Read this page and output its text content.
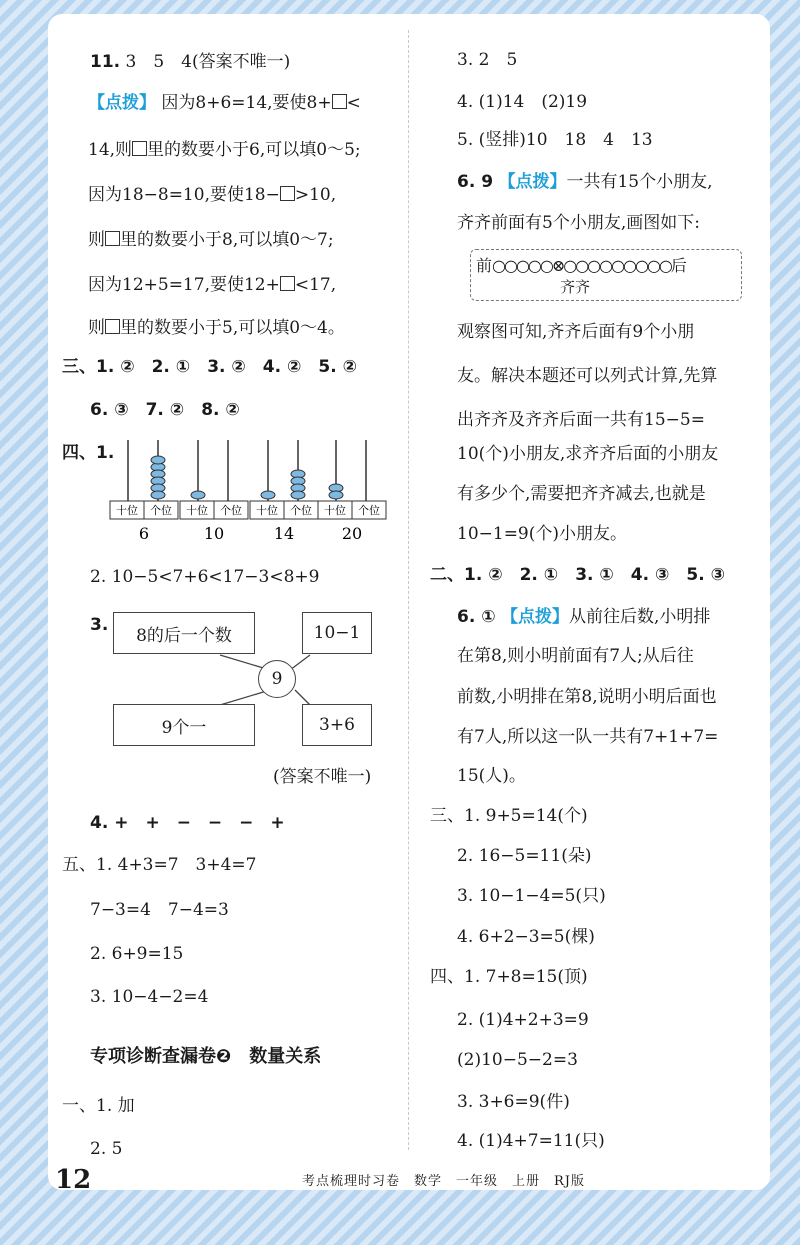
11. 3　5　4(答案不唯一)
【点拨】 因为8+6=14,要使8+ <
14,则 里的数要小于6,可以填0～5;
因为18−8=10,要使18− >10,
则 里的数要小于8,可以填0～7;
因为12+5=17,要使12+ <17,
则 里的数要小于5,可以填0～4。
三、1. ②　2. ①　3. ②　4. ②　5. ②
6. ③　7. ②　8. ②
四、1.
十位 个位 十位 个位 十位 个位 十位 个位
6	10	14	20
2. 10−5<7+6<17−3<8+9
3.
8的后一个数	10−1
9
9个一	3+6
(答案不唯一)
4. +　+　−　−　−　+
五、1. 4+3=7　3+4=7
7−3=4　7−4=3
2. 6+9=15
3. 10−4−2=4
专项诊断查漏卷❷　数量关系
一、1. 加
2. 5
3. 2　5
4. (1)14　(2)19
5. (竖排)10　18　4　13
6. 9 【点拨】一共有15个小朋友,
齐齐前面有5个小朋友,画图如下:
前○○○○○⊗○○○○○○○○○后
齐齐
观察图可知,齐齐后面有9个小朋
友。解决本题还可以列式计算,先算
出齐齐及齐齐后面一共有15−5=
10(个)小朋友,求齐齐后面的小朋友
有多少个,需要把齐齐减去,也就是
10−1=9(个)小朋友。
二、1. ②　2. ①　3. ①　4. ③　5. ③
6. ① 【点拨】从前往后数,小明排
在第8,则小明前面有7人;从后往
前数,小明排在第8,说明小明后面也
有7人,所以这一队一共有7+1+7=
15(人)。
三、1. 9+5=14(个)
2. 16−5=11(朵)
3. 10−1−4=5(只)
4. 6+2−3=5(棵)
四、1. 7+8=15(顶)
2. (1)4+2+3=9
(2)10−5−2=3
3. 3+6=9(件)
4. (1)4+7=11(只)
12	考点梳理时习卷　数学　一年级　上册　RJ版
